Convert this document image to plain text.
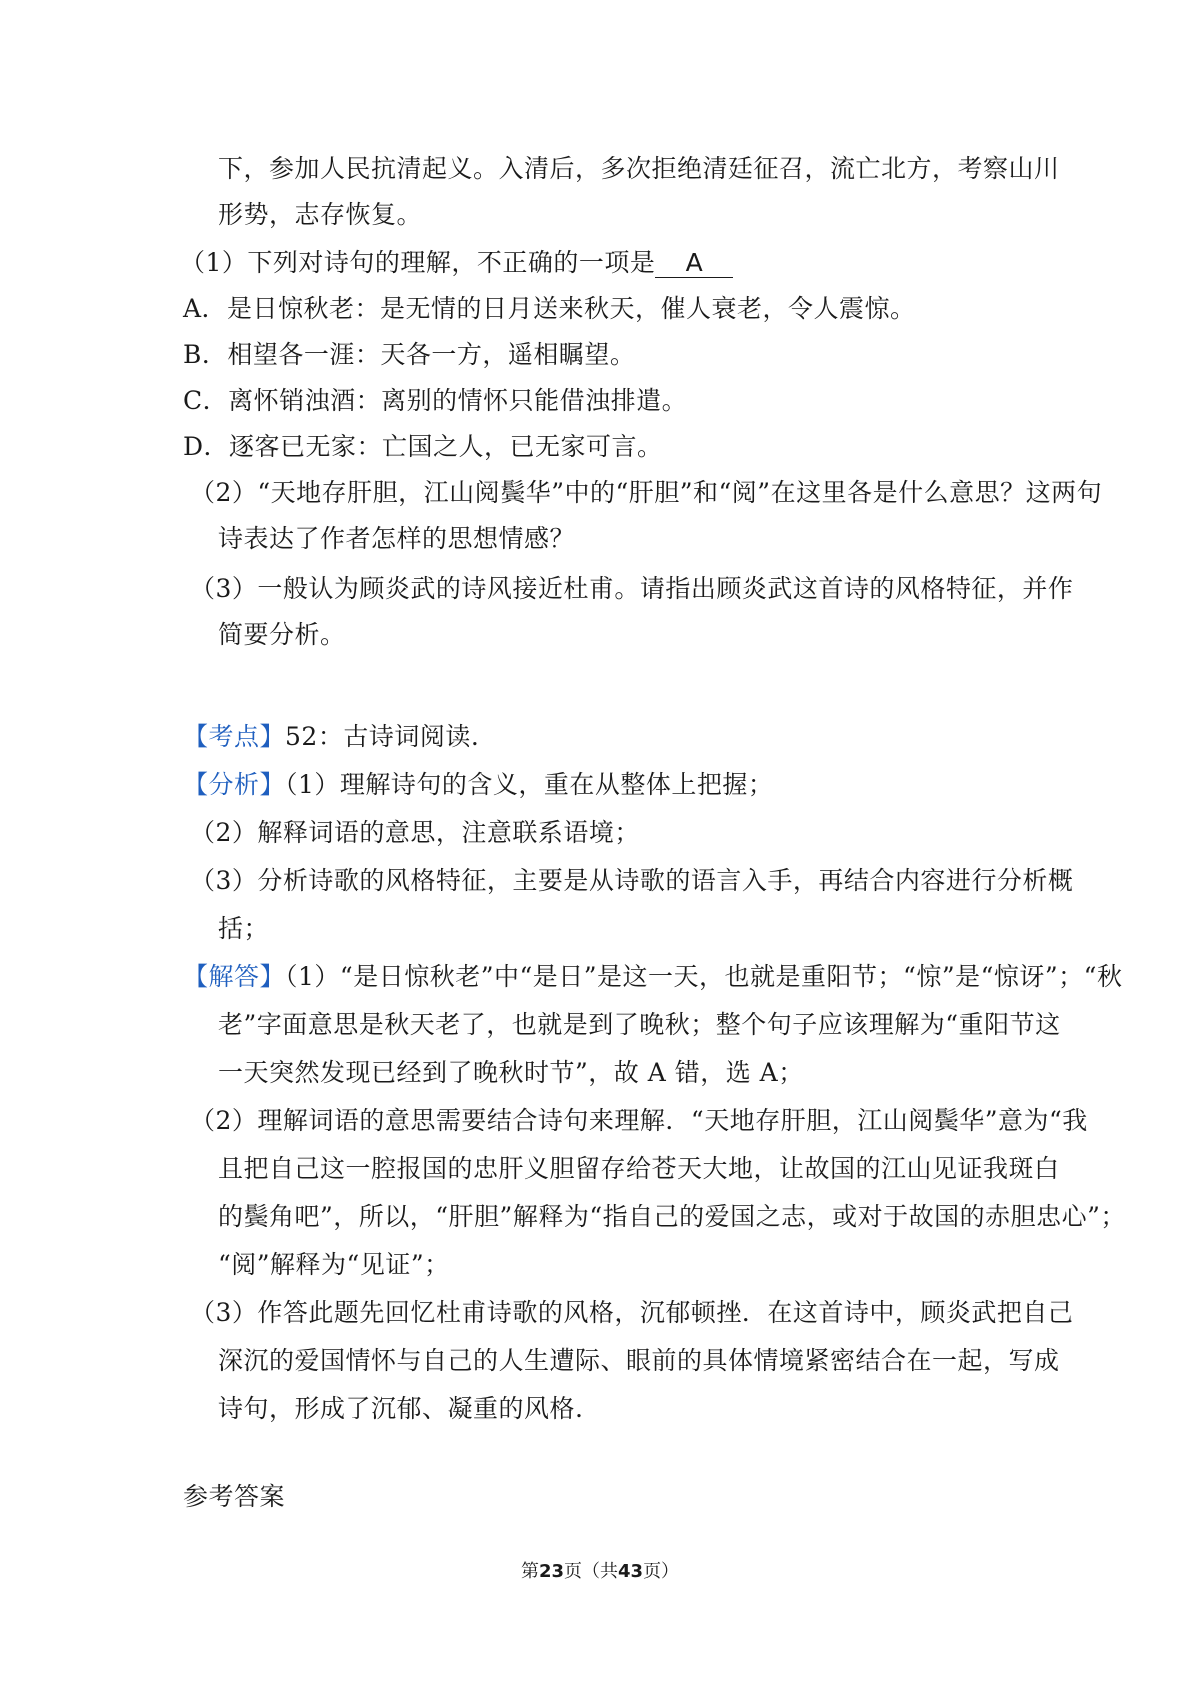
下，参加人民抗清起义。入清后，多次拒绝清廷征召，流亡北方，考察山川
形势，志存恢复。
（1）下列对诗句的理解，不正确的一项是 A
A．是日惊秋老：是无情的日月送来秋天，催人衰老，令人震惊。
B．相望各一涯：天各一方，遥相瞩望。
C．离怀销浊酒：离别的情怀只能借浊排遣。
D．逐客已无家：亡国之人，已无家可言。
（2）“天地存肝胆，江山阅鬓华”中的“肝胆”和“阅”在这里各是什么意思？这两句
诗表达了作者怎样的思想情感？
（3）一般认为顾炎武的诗风接近杜甫。请指出顾炎武这首诗的风格特征，并作
简要分析。
【考点】52：古诗词阅读.
【分析】（1）理解诗句的含义，重在从整体上把握；
（2）解释词语的意思，注意联系语境；
（3）分析诗歌的风格特征，主要是从诗歌的语言入手，再结合内容进行分析概
括；
【解答】（1）“是日惊秋老”中“是日”是这一天，也就是重阳节；“惊”是“惊讶”；“秋
老”字面意思是秋天老了，也就是到了晚秋；整个句子应该理解为“重阳节这
一天突然发现已经到了晚秋时节”，故 A 错，选 A；
（2）理解词语的意思需要结合诗句来理解．“天地存肝胆，江山阅鬓华”意为“我
且把自己这一腔报国的忠肝义胆留存给苍天大地，让故国的江山见证我斑白
的鬓角吧”，所以，“肝胆”解释为“指自己的爱国之志，或对于故国的赤胆忠心”；
“阅”解释为“见证”；
（3）作答此题先回忆杜甫诗歌的风格，沉郁顿挫．在这首诗中，顾炎武把自己
深沉的爱国情怀与自己的人生遭际、眼前的具体情境紧密结合在一起，写成
诗句，形成了沉郁、凝重的风格.
参考答案
第23页（共43页）
